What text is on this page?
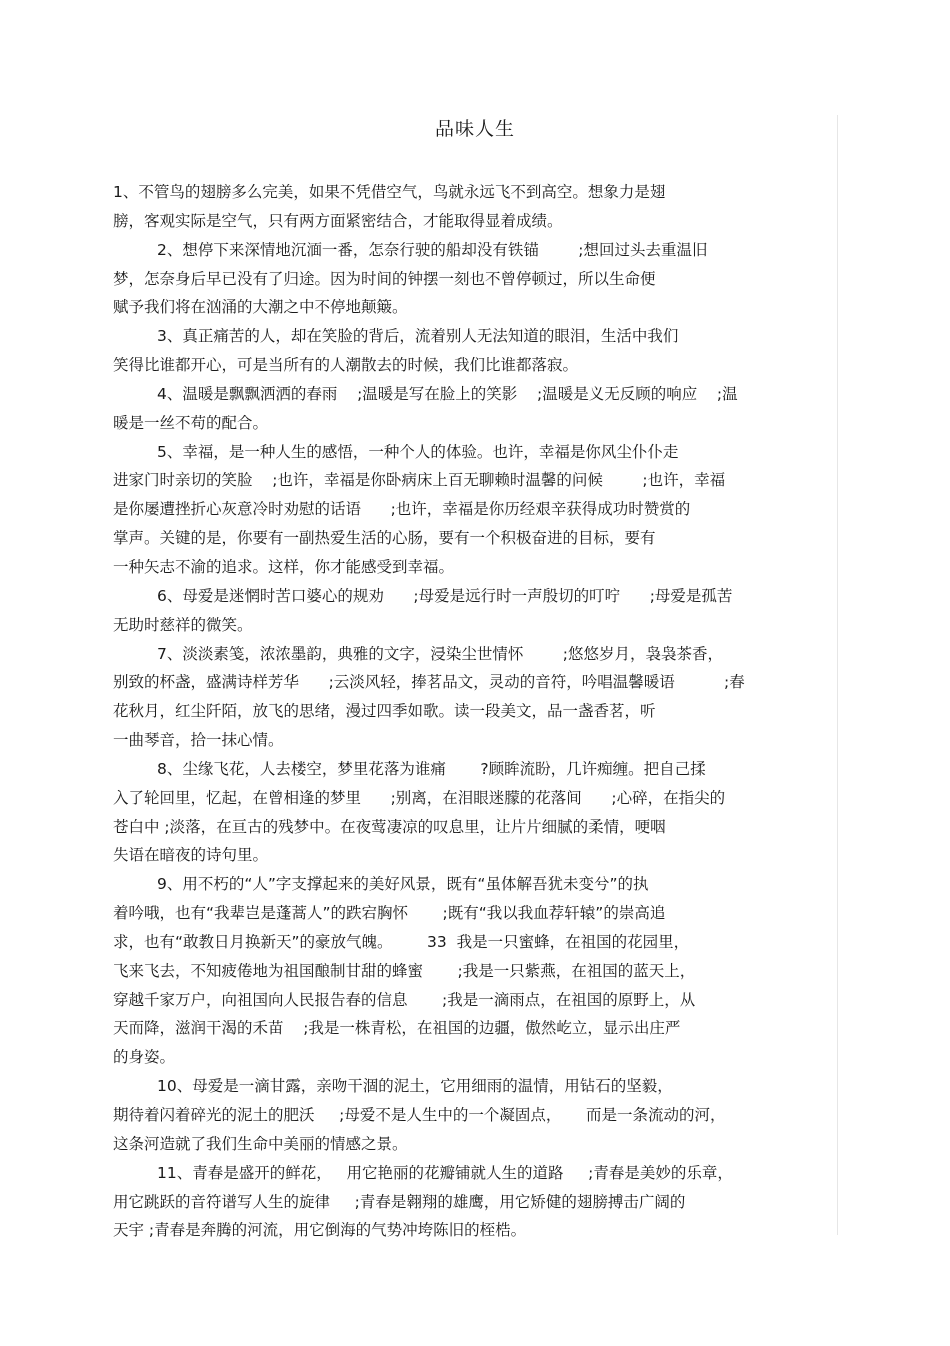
品味人生
1、不管鸟的翅膀多么完美，如果不凭借空气，鸟就永远飞不到高空。想象力是翅
膀，客观实际是空气，只有两方面紧密结合，才能取得显着成绩。
2、想停下来深情地沉湎一番，怎奈行驶的船却没有铁锚        ;想回过头去重温旧
梦，怎奈身后早已没有了归途。因为时间的钟摆一刻也不曾停顿过，所以生命便
赋予我们将在汹涌的大潮之中不停地颠簸。
3、真正痛苦的人，却在笑脸的背后，流着别人无法知道的眼泪，生活中我们
笑得比谁都开心，可是当所有的人潮散去的时候，我们比谁都落寂。
4、温暖是飘飘洒洒的春雨    ;温暖是写在脸上的笑影    ;温暖是义无反顾的响应    ;温
暖是一丝不苟的配合。
5、幸福，是一种人生的感悟，一种个人的体验。也许，幸福是你风尘仆仆走
进家门时亲切的笑脸    ;也许，幸福是你卧病床上百无聊赖时温馨的问候        ;也许，幸福
是你屡遭挫折心灰意冷时劝慰的话语      ;也许，幸福是你历经艰辛获得成功时赞赏的
掌声。关键的是，你要有一副热爱生活的心肠，要有一个积极奋进的目标，要有
一种矢志不渝的追求。这样，你才能感受到幸福。
6、母爱是迷惘时苦口婆心的规劝      ;母爱是远行时一声殷切的叮咛      ;母爱是孤苦
无助时慈祥的微笑。
7、淡淡素笺，浓浓墨韵，典雅的文字，浸染尘世情怀        ;悠悠岁月，袅袅茶香，
别致的杯盏，盛满诗样芳华      ;云淡风轻，捧茗品文，灵动的音符，吟唱温馨暖语          ;春
花秋月，红尘阡陌，放飞的思绪，漫过四季如歌。读一段美文，品一盏香茗，听
一曲琴音，拾一抹心情。
8、尘缘飞花，人去楼空，梦里花落为谁痛       ?顾眸流盼，几许痴缠。把自己揉
入了轮回里，忆起，在曾相逢的梦里      ;别离，在泪眼迷朦的花落间      ;心碎，在指尖的
苍白中 ;淡落，在亘古的残梦中。在夜莺凄凉的叹息里，让片片细腻的柔情，哽咽
失语在暗夜的诗句里。
9、用不朽的“人”字支撑起来的美好风景，既有“虽体解吾犹未变兮”的执
着吟哦，也有“我辈岂是蓬蒿人”的跌宕胸怀       ;既有“我以我血荐轩辕”的崇高追
求，也有“敢教日月换新天”的豪放气魄。       33  我是一只蜜蜂，在祖国的花园里，
飞来飞去，不知疲倦地为祖国酿制甘甜的蜂蜜       ;我是一只紫燕，在祖国的蓝天上，
穿越千家万户，向祖国向人民报告春的信息       ;我是一滴雨点，在祖国的原野上，从
天而降，滋润干渴的禾苗    ;我是一株青松，在祖国的边疆，傲然屹立，显示出庄严
的身姿。
10、母爱是一滴甘露，亲吻干涸的泥土，它用细雨的温情，用钻石的坚毅，
期待着闪着碎光的泥土的肥沃     ;母爱不是人生中的一个凝固点，     而是一条流动的河，
这条河造就了我们生命中美丽的情感之景。
11、青春是盛开的鲜花，   用它艳丽的花瓣铺就人生的道路     ;青春是美妙的乐章，
用它跳跃的音符谱写人生的旋律     ;青春是翱翔的雄鹰，用它矫健的翅膀搏击广阔的
天宇 ;青春是奔腾的河流，用它倒海的气势冲垮陈旧的桎梏。
